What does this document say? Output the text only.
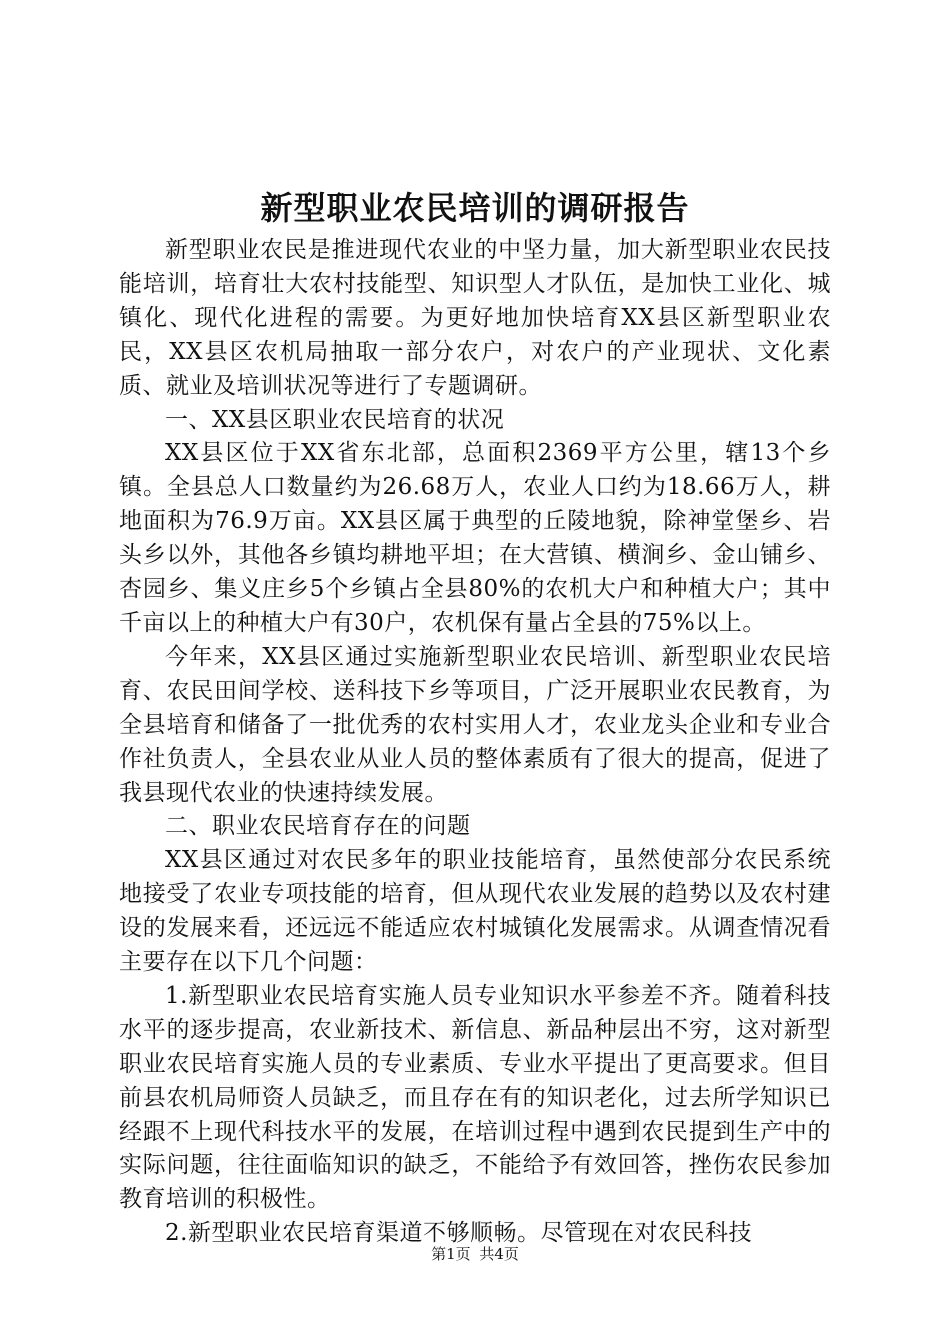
新型职业农民培训的调研报告

新型职业农民是推进现代农业的中坚力量，加大新型职业农民技能培训，培育壮大农村技能型、知识型人才队伍，是加快工业化、城镇化、现代化进程的需要。为更好地加快培育XX县区新型职业农民，XX县区农机局抽取一部分农户，对农户的产业现状、文化素质、就业及培训状况等进行了专题调研。

一、XX县区职业农民培育的状况

XX县区位于XX省东北部，总面积2369平方公里，辖13个乡镇。全县总人口数量约为26.68万人，农业人口约为18.66万人，耕地面积为76.9万亩。XX县区属于典型的丘陵地貌，除神堂堡乡、岩头乡以外，其他各乡镇均耕地平坦；在大营镇、横涧乡、金山铺乡、杏园乡、集义庄乡5个乡镇占全县80%的农机大户和种植大户；其中千亩以上的种植大户有30户，农机保有量占全县的75%以上。

今年来，XX县区通过实施新型职业农民培训、新型职业农民培育、农民田间学校、送科技下乡等项目，广泛开展职业农民教育，为全县培育和储备了一批优秀的农村实用人才，农业龙头企业和专业合作社负责人，全县农业从业人员的整体素质有了很大的提高，促进了我县现代农业的快速持续发展。

二、职业农民培育存在的问题

XX县区通过对农民多年的职业技能培育，虽然使部分农民系统地接受了农业专项技能的培育，但从现代农业发展的趋势以及农村建设的发展来看，还远远不能适应农村城镇化发展需求。从调查情况看主要存在以下几个问题：

1.新型职业农民培育实施人员专业知识水平参差不齐。随着科技水平的逐步提高，农业新技术、新信息、新品种层出不穷，这对新型职业农民培育实施人员的专业素质、专业水平提出了更高要求。但目前县农机局师资人员缺乏，而且存在有的知识老化，过去所学知识已经跟不上现代科技水平的发展，在培训过程中遇到农民提到生产中的实际问题，往往面临知识的缺乏，不能给予有效回答，挫伤农民参加教育培训的积极性。

2.新型职业农民培育渠道不够顺畅。尽管现在对农民科技

第1页 共4页
